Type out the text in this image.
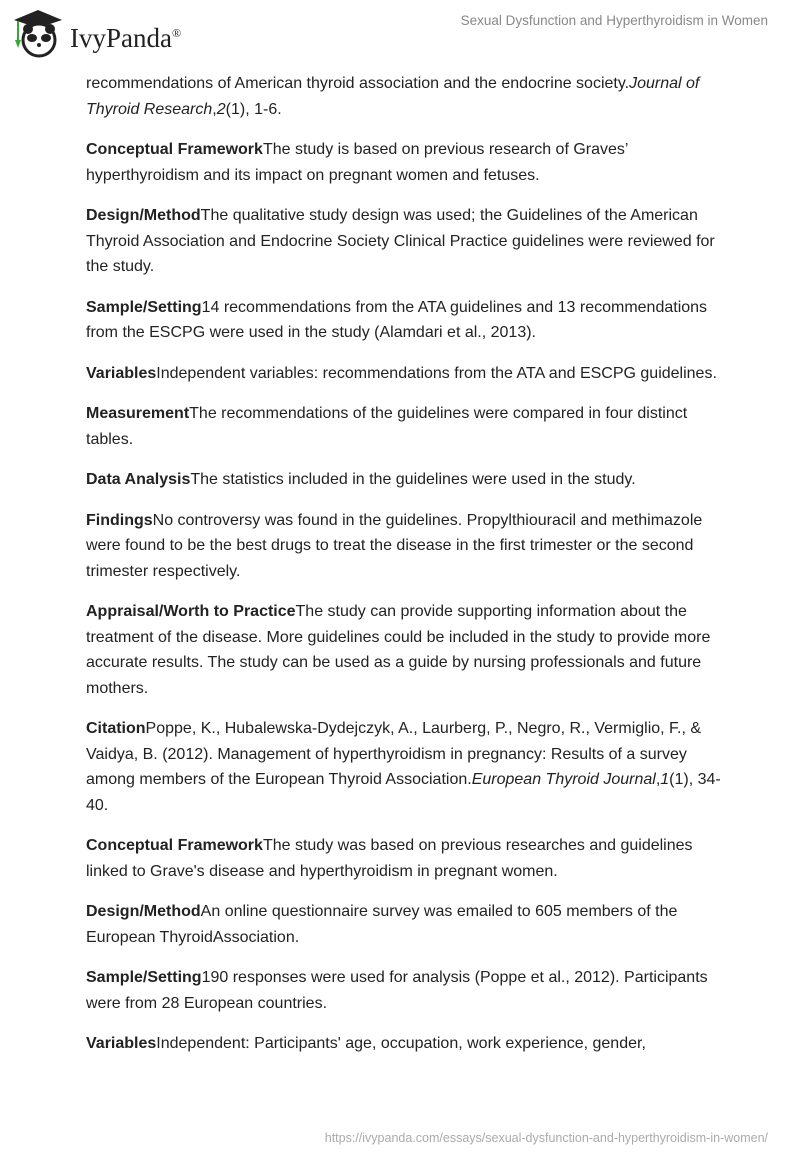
IvyPanda®
Sexual Dysfunction and Hyperthyroidism in Women

recommendations of American thyroid association and the endocrine society.Journal of Thyroid Research,2(1), 1-6.

Conceptual FrameworkThe study is based on previous research of Graves’ hyperthyroidism and its impact on pregnant women and fetuses.

Design/MethodThe qualitative study design was used; the Guidelines of the American Thyroid Association and Endocrine Society Clinical Practice guidelines were reviewed for the study.

Sample/Setting14 recommendations from the ATA guidelines and 13 recommendations from the ESCPG were used in the study (Alamdari et al., 2013).

VariablesIndependent variables: recommendations from the ATA and ESCPG guidelines.

MeasurementThe recommendations of the guidelines were compared in four distinct tables.

Data AnalysisThe statistics included in the guidelines were used in the study.

FindingsNo controversy was found in the guidelines. Propylthiouracil and methimazole were found to be the best drugs to treat the disease in the first trimester or the second trimester respectively.

Appraisal/Worth to PracticeThe study can provide supporting information about the treatment of the disease. More guidelines could be included in the study to provide more accurate results. The study can be used as a guide by nursing professionals and future mothers.

CitationPoppe, K., Hubalewska-Dydejczyk, A., Laurberg, P., Negro, R., Vermiglio, F., & Vaidya, B. (2012). Management of hyperthyroidism in pregnancy: Results of a survey among members of the European Thyroid Association.European Thyroid Journal,1(1), 34-40.

Conceptual FrameworkThe study was based on previous researches and guidelines linked to Grave's disease and hyperthyroidism in pregnant women.

Design/MethodAn online questionnaire survey was emailed to 605 members of the European ThyroidAssociation.

Sample/Setting190 responses were used for analysis (Poppe et al., 2012). Participants were from 28 European countries.

VariablesIndependent: Participants' age, occupation, work experience, gender,

https://ivypanda.com/essays/sexual-dysfunction-and-hyperthyroidism-in-women/
